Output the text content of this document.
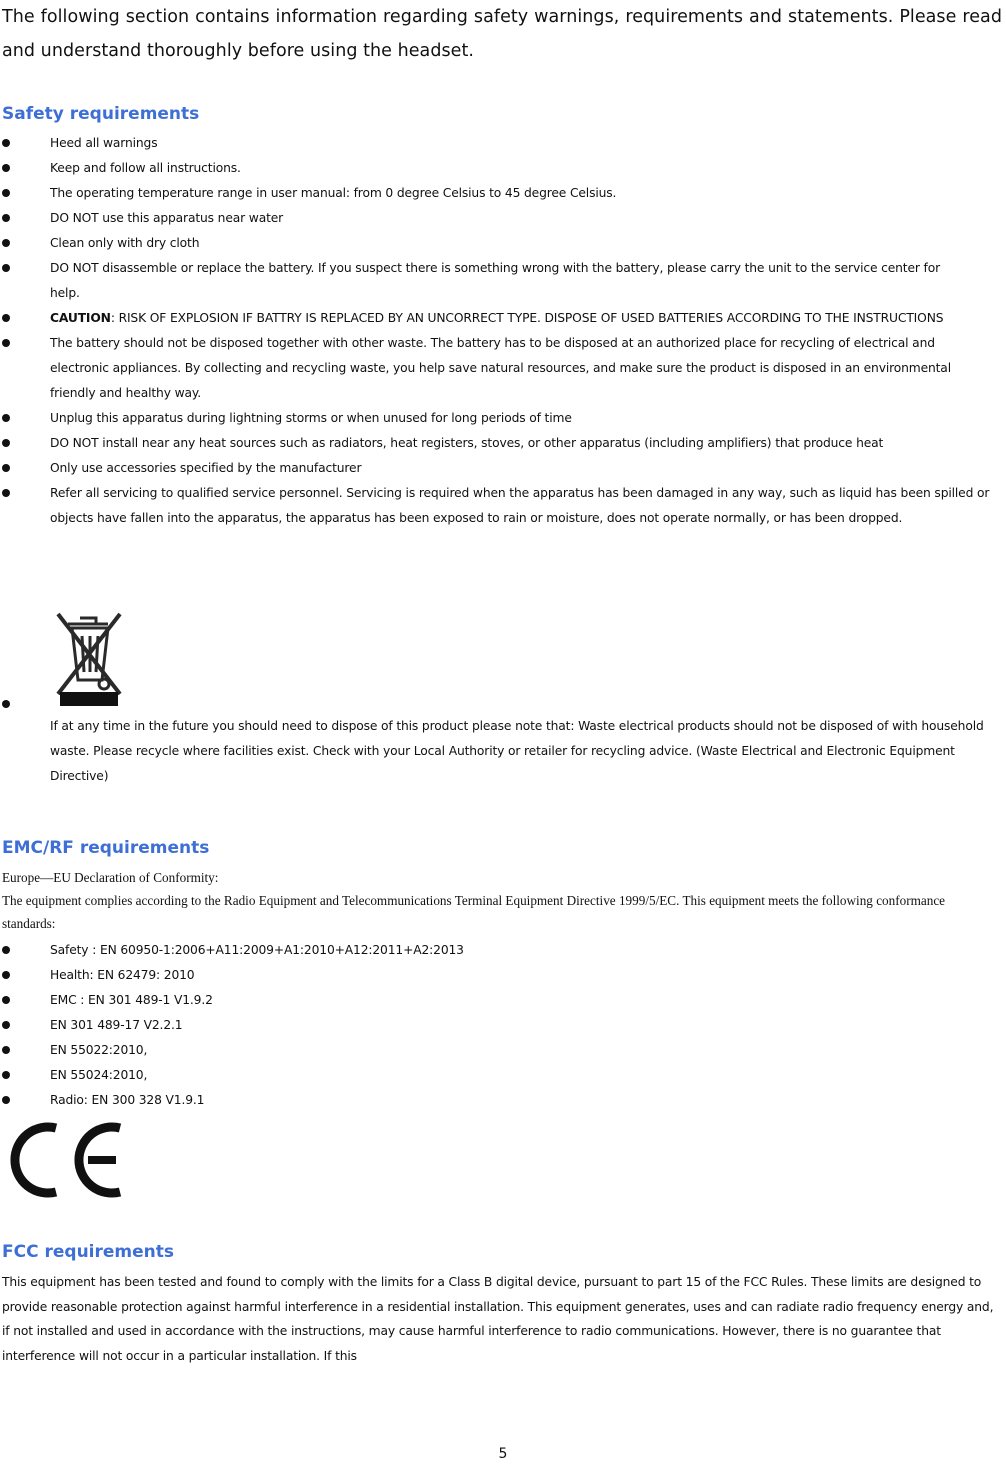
The following section contains information regarding safety warnings, requirements and statements. Please read and understand thoroughly before using the headset.
Safety requirements
Heed all warnings
Keep and follow all instructions.
The operating temperature range in user manual: from 0 degree Celsius to 45 degree Celsius.
DO NOT use this apparatus near water
Clean only with dry cloth
DO NOT disassemble or replace the battery. If you suspect there is something wrong with the battery, please carry the unit to the service center for help.
CAUTION: RISK OF EXPLOSION IF BATTRY IS REPLACED BY AN UNCORRECT TYPE. DISPOSE OF USED BATTERIES ACCORDING TO THE INSTRUCTIONS
The battery should not be disposed together with other waste. The battery has to be disposed at an authorized place for recycling of electrical and electronic appliances. By collecting and recycling waste, you help save natural resources, and make sure the product is disposed in an environmental friendly and healthy way.
Unplug this apparatus during lightning storms or when unused for long periods of time
DO NOT install near any heat sources such as radiators, heat registers, stoves, or other apparatus (including amplifiers) that produce heat
Only use accessories specified by the manufacturer
Refer all servicing to qualified service personnel. Servicing is required when the apparatus has been damaged in any way, such as liquid has been spilled or objects have fallen into the apparatus, the apparatus has been exposed to rain or moisture, does not operate normally, or has been dropped.
If at any time in the future you should need to dispose of this product please note that: Waste electrical products should not be disposed of with household waste. Please recycle where facilities exist. Check with your Local Authority or retailer for recycling advice. (Waste Electrical and Electronic Equipment Directive)
EMC/RF requirements
Europe—EU Declaration of Conformity:
The equipment complies according to the Radio Equipment and Telecommunications Terminal Equipment Directive 1999/5/EC. This equipment meets the following conformance standards:
Safety : EN 60950-1:2006+A11:2009+A1:2010+A12:2011+A2:2013
Health: EN 62479: 2010
EMC : EN 301 489-1 V1.9.2
EN 301 489-17 V2.2.1
EN 55022:2010,
EN 55024:2010,
Radio: EN 300 328 V1.9.1
FCC requirements
This equipment has been tested and found to comply with the limits for a Class B digital device, pursuant to part 15 of the FCC Rules. These limits are designed to provide reasonable protection against harmful interference in a residential installation. This equipment generates, uses and can radiate radio frequency energy and, if not installed and used in accordance with the instructions, may cause harmful interference to radio communications. However, there is no guarantee that interference will not occur in a particular installation. If this
5
